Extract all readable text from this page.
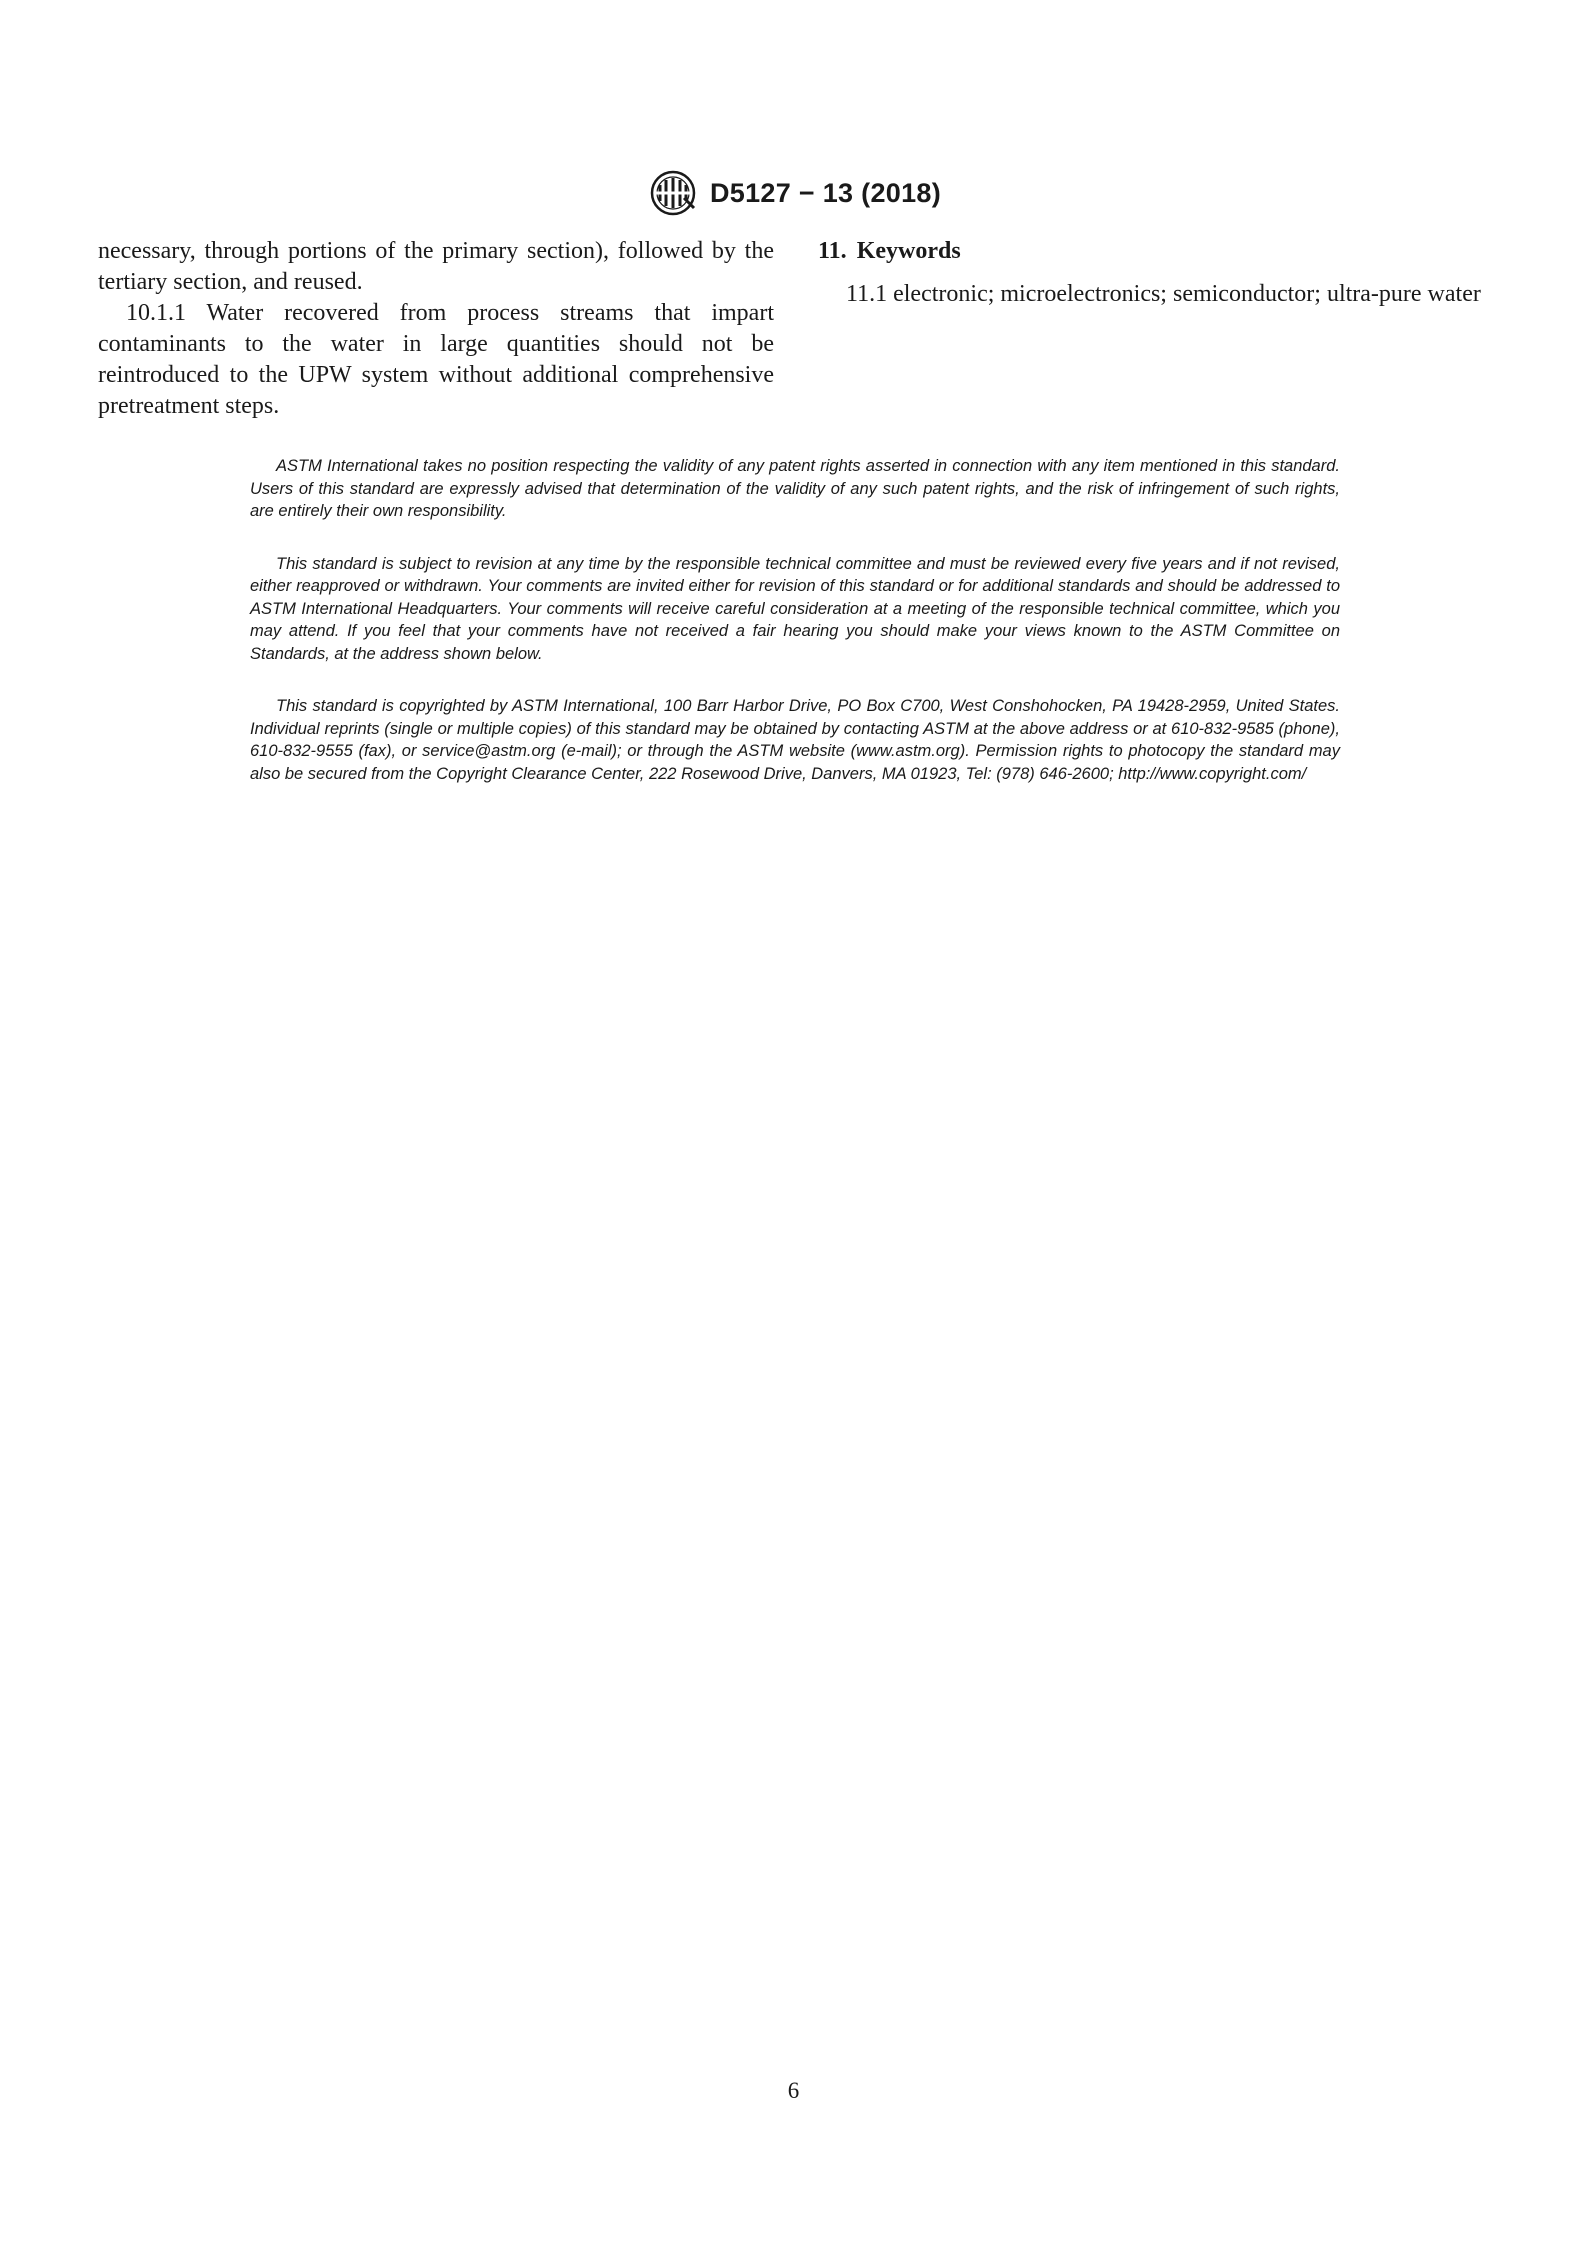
D5127 − 13 (2018)

necessary, through portions of the primary section), followed by the tertiary section, and reused.

10.1.1 Water recovered from process streams that impart contaminants to the water in large quantities should not be reintroduced to the UPW system without additional comprehensive pretreatment steps.

11. Keywords

11.1 electronic; microelectronics; semiconductor; ultra-pure water

ASTM International takes no position respecting the validity of any patent rights asserted in connection with any item mentioned in this standard. Users of this standard are expressly advised that determination of the validity of any such patent rights, and the risk of infringement of such rights, are entirely their own responsibility.

This standard is subject to revision at any time by the responsible technical committee and must be reviewed every five years and if not revised, either reapproved or withdrawn. Your comments are invited either for revision of this standard or for additional standards and should be addressed to ASTM International Headquarters. Your comments will receive careful consideration at a meeting of the responsible technical committee, which you may attend. If you feel that your comments have not received a fair hearing you should make your views known to the ASTM Committee on Standards, at the address shown below.

This standard is copyrighted by ASTM International, 100 Barr Harbor Drive, PO Box C700, West Conshohocken, PA 19428-2959, United States. Individual reprints (single or multiple copies) of this standard may be obtained by contacting ASTM at the above address or at 610-832-9585 (phone), 610-832-9555 (fax), or service@astm.org (e-mail); or through the ASTM website (www.astm.org). Permission rights to photocopy the standard may also be secured from the Copyright Clearance Center, 222 Rosewood Drive, Danvers, MA 01923, Tel: (978) 646-2600; http://www.copyright.com/

6
